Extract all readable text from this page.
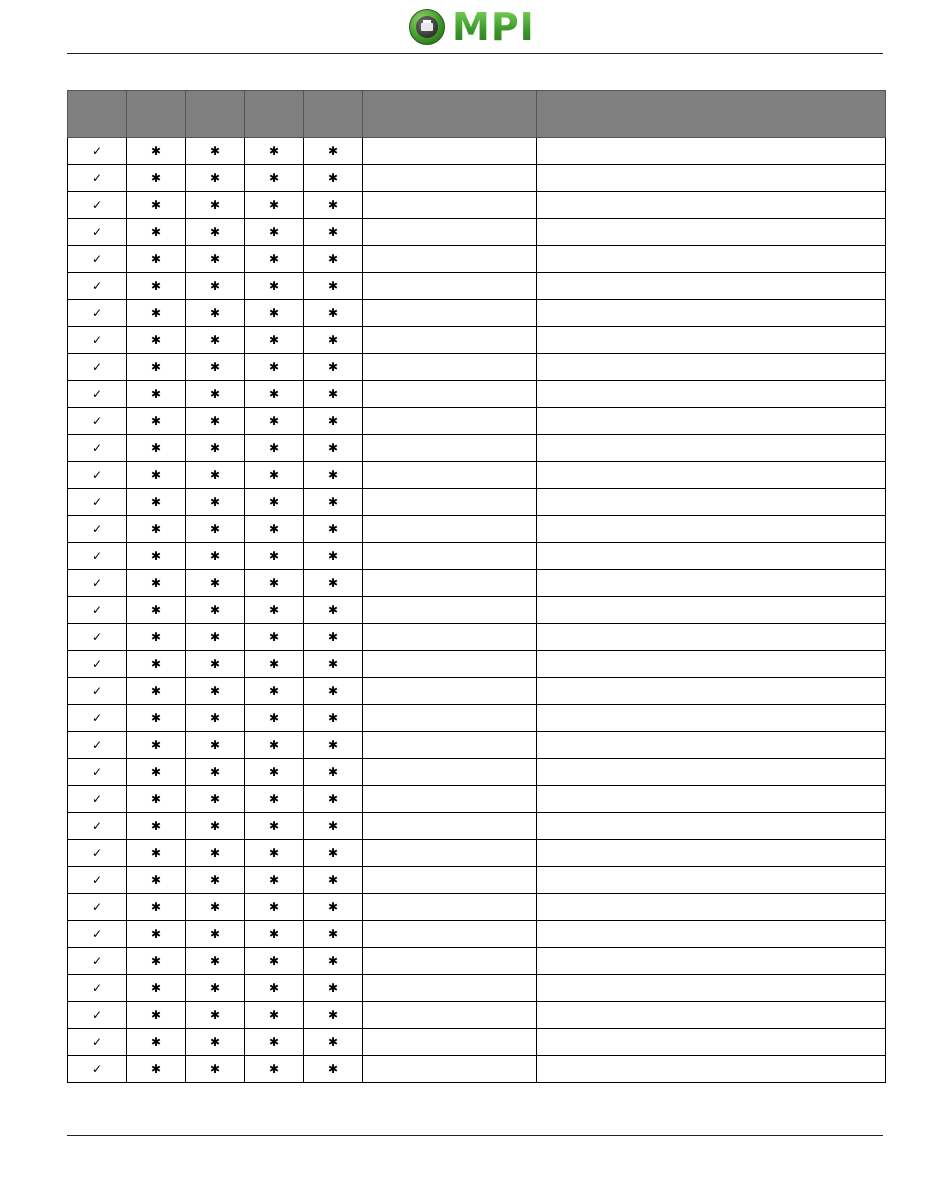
MPI

✓	✱	✱	✱	✱		
✓	✱	✱	✱	✱		
✓	✱	✱	✱	✱		
✓	✱	✱	✱	✱		
✓	✱	✱	✱	✱		
✓	✱	✱	✱	✱		
✓	✱	✱	✱	✱		
✓	✱	✱	✱	✱		
✓	✱	✱	✱	✱		
✓	✱	✱	✱	✱		
✓	✱	✱	✱	✱		
✓	✱	✱	✱	✱		
✓	✱	✱	✱	✱		
✓	✱	✱	✱	✱		
✓	✱	✱	✱	✱		
✓	✱	✱	✱	✱		
✓	✱	✱	✱	✱		
✓	✱	✱	✱	✱		
✓	✱	✱	✱	✱		
✓	✱	✱	✱	✱		
✓	✱	✱	✱	✱		
✓	✱	✱	✱	✱		
✓	✱	✱	✱	✱		
✓	✱	✱	✱	✱		
✓	✱	✱	✱	✱		
✓	✱	✱	✱	✱		
✓	✱	✱	✱	✱		
✓	✱	✱	✱	✱		
✓	✱	✱	✱	✱		
✓	✱	✱	✱	✱		
✓	✱	✱	✱	✱		
✓	✱	✱	✱	✱		
✓	✱	✱	✱	✱		
✓	✱	✱	✱	✱		
✓	✱	✱	✱	✱		
